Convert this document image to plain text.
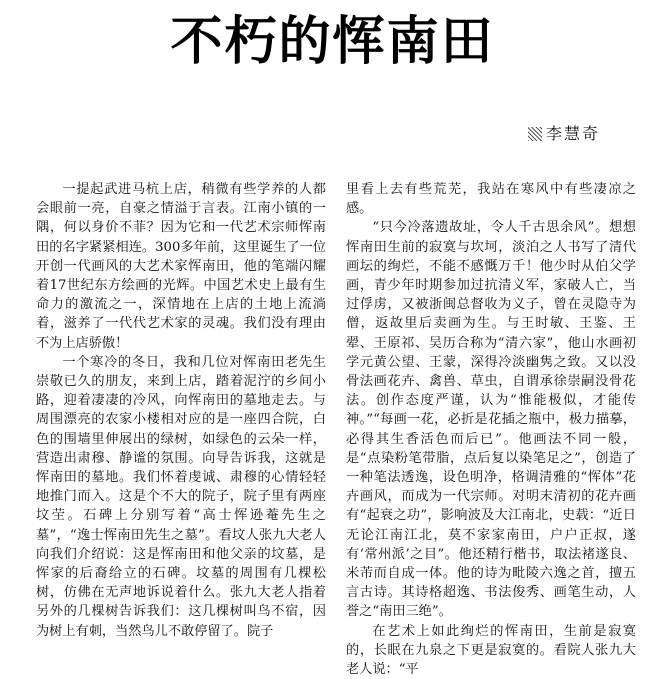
不朽的恽南田
李慧奇

一提起武进马杭上店，稍微有些学养的人都会眼前一亮，自豪之情溢于言表。江南小镇的一隅，何以身价不菲？因为它和一代艺术宗师恽南田的名字紧紧相连。300多年前，这里诞生了一位开创一代画风的大艺术家恽南田，他的笔端闪耀着17世纪东方绘画的光辉。中国艺术史上最有生命力的激流之一，深情地在上店的土地上流淌着，滋养了一代代艺术家的灵魂。我们没有理由不为上店骄傲！

一个寒冷的冬日，我和几位对恽南田老先生崇敬已久的朋友，来到上店，踏着泥泞的乡间小路，迎着凄凄的冷风，向恽南田的墓地走去。与周围漂亮的农家小楼相对应的是一座四合院，白色的围墙里伸展出的绿树，如绿色的云朵一样，营造出肃穆、静谧的氛围。向导告诉我，这就是恽南田的墓地。我们怀着虔诚、肃穆的心情轻轻地推门而入。这是个不大的院子，院子里有两座坟茔。石碑上分别写着“高士恽逊菴先生之墓”，“逸士恽南田先生之墓”。看坟人张九大老人向我们介绍说：这是恽南田和他父亲的坟墓，是恽家的后裔给立的石碑。坟墓的周围有几棵松树，仿佛在无声地诉说着什么。张九大老人指着另外的几棵树告诉我们：这几棵树叫鸟不宿，因为树上有刺，当然鸟儿不敢停留了。院子

里看上去有些荒芜，我站在寒风中有些凄凉之感。

“只今冷落遗故址，令人千古思余风”。想想恽南田生前的寂寞与坎坷，淡泊之人书写了清代画坛的绚烂，不能不感慨万千！他少时从伯父学画，青少年时期参加过抗清义军，家破人亡，当过俘虏，又被浙闽总督收为义子，曾在灵隐寺为僧，返故里后卖画为生。与王时敏、王鉴、王翚、王原祁、吴历合称为“清六家”，他山水画初学元黄公望、王蒙，深得冷淡幽隽之致。又以没骨法画花卉、禽兽、草虫，自谓承徐崇嗣没骨花法。创作态度严谨，认为“惟能极似，才能传神。”“每画一花，必折是花插之瓶中，极力描摹，必得其生香活色而后已”。他画法不同一般，是“点染粉笔带脂，点后复以染笔足之”，创造了一种笔法透逸，设色明净，格调清雅的“恽体”花卉画风，而成为一代宗师。对明末清初的花卉画有“起衰之功”，影响波及大江南北，史载：“近日无论江南江北，莫不家家南田，户户正叔，遂有‘常州派’之目”。他还精行楷书，取法褚遂良、米芾而自成一体。他的诗为毗陵六逸之首，擅五言古诗。其诗格超逸、书法俊秀、画笔生动，人誉之“南田三绝”。

在艺术上如此绚烂的恽南田，生前是寂寞的，长眠在九泉之下更是寂寞的。看院人张九大老人说：“平
